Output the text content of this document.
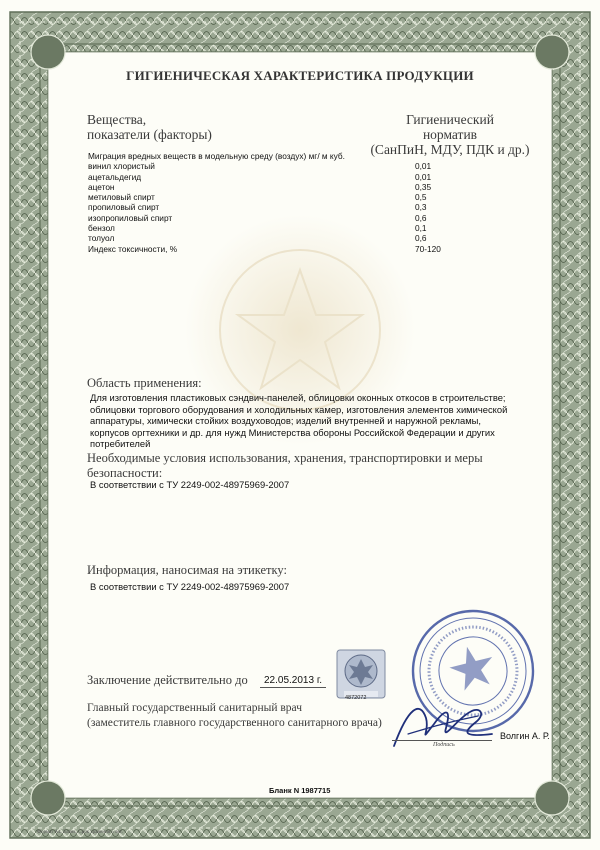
ГИГИЕНИЧЕСКАЯ ХАРАКТЕРИСТИКА ПРОДУКЦИИ
Вещества,
показатели (факторы)
Гигиенический
норматив
(СанПиН, МДУ, ПДК и др.)
Миграция вредных веществ в модельную среду (воздух) мг/ м куб.
винил хлористый	0,01
ацетальдегид	0,01
ацетон	0,35
метиловый спирт	0,5
пропиловый спирт	0,3
изопропиловый спирт	0,6
бензол	0,1
толуол	0,6
Индекс токсичности, %	70-120
Область применения:
Для изготовления пластиковых сэндвич-панелей, облицовки оконных откосов в строительстве;
облицовки торгового оборудования и холодильных камер, изготовления элементов химической
аппаратуры, химически стойких воздуховодов; изделий внутренней и наружной рекламы,
корпусов оргтехники и др. для нужд Министерства обороны Российской Федерации и других
потребителей
Необходимые условия использования, хранения, транспортировки и меры безопасности:
В соответствии с ТУ 2249-002-48975969-2007
Информация, наносимая на этикетку:
В соответствии с ТУ 2249-002-48975969-2007
Заключение действительно до 22.05.2013 г.
4872072
Главный государственный санитарный врач
(заместитель главного государственного санитарного врача)
Подпись
Волгин А. Р.
Бланк N 1987715
Формат А4. Бланк. Срок хранения 5 лет.
